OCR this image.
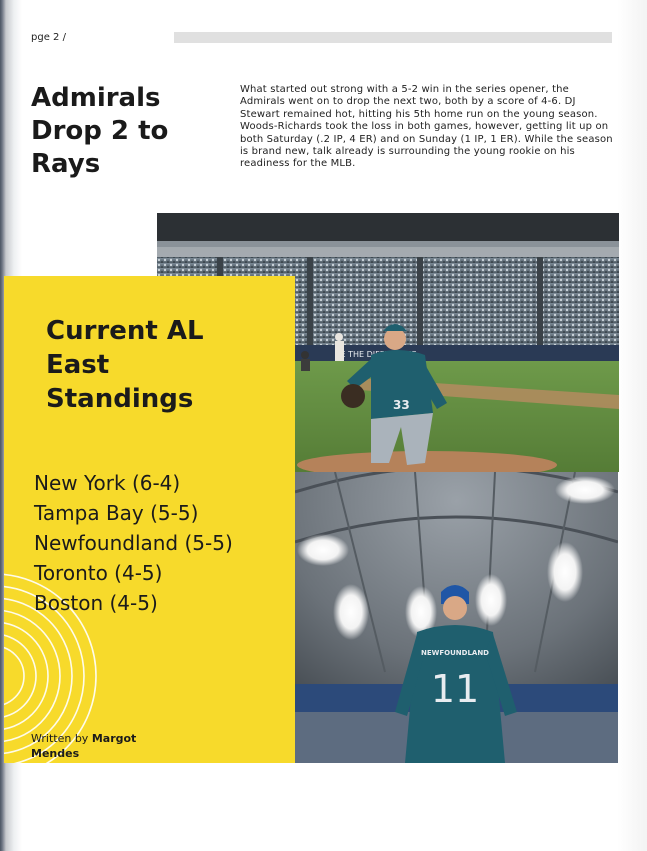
pge 2 /
Admirals Drop 2 to Rays

What started out strong with a 5-2 win in the series opener, the Admirals went on to drop the next two, both by a score of 4-6. DJ Stewart remained hot, hitting his 5th home run on the young season. Woods-Richards took the loss in both games, however, getting lit up on both Saturday (.2 IP, 4 ER) and on Sunday (1 IP, 1 ER). While the season is brand new, talk already is surrounding the young rookie on his readiness for the MLB.

THE
33
NEWFOUNDLAND
11
Current AL East Standings
New York (6-4)
Tampa Bay (5-5)
Newfoundland (5-5)
Toronto (4-5)
Boston (4-5)
Written by Margot Mendes
